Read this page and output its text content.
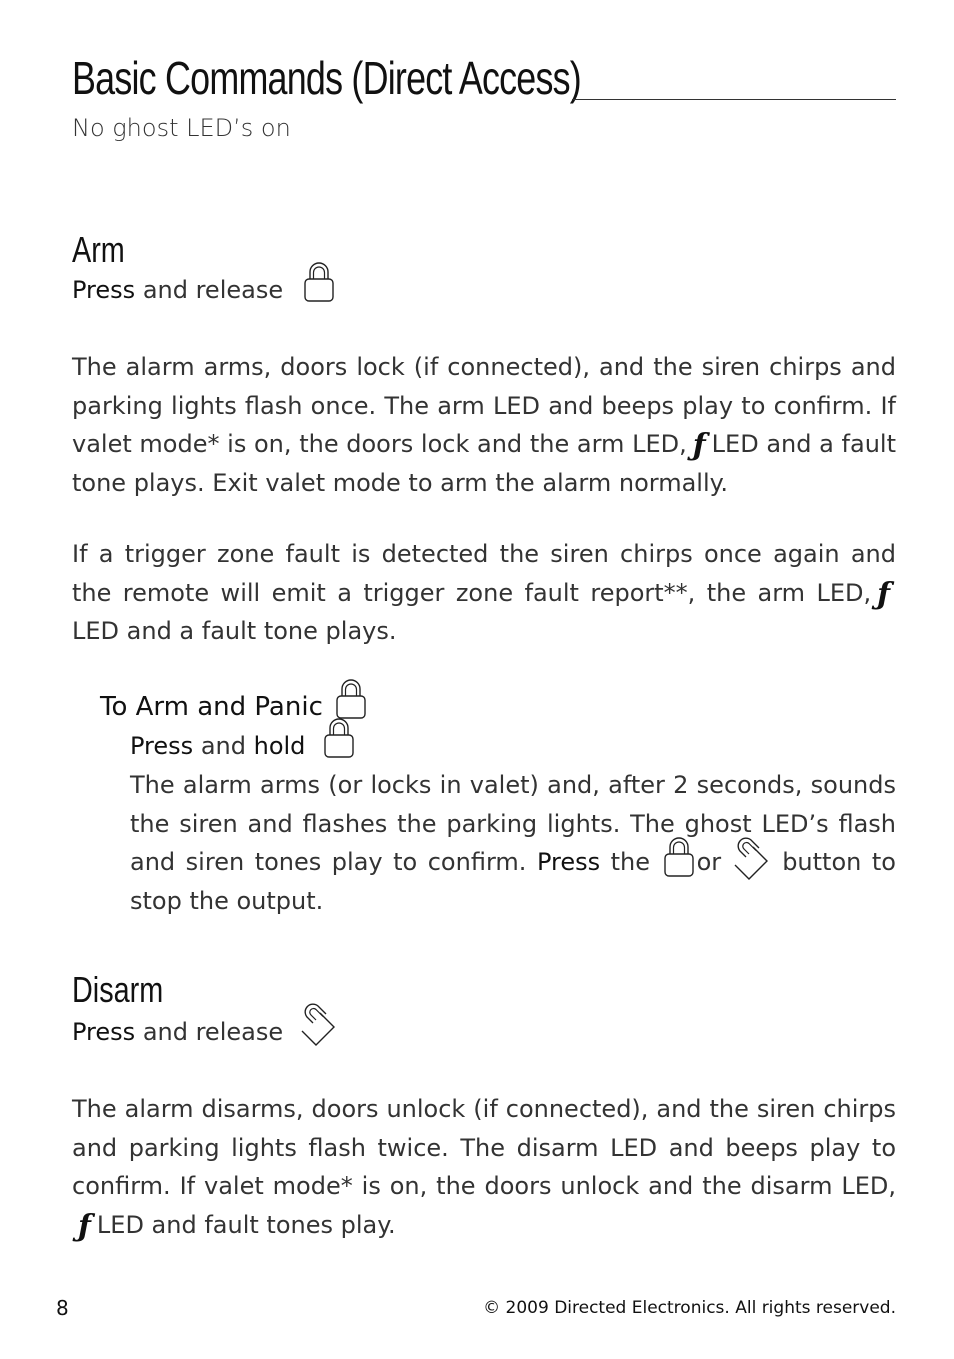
Basic Commands (Direct Access)
No ghost LED’s on
Arm
Press and release

The alarm arms, doors lock (if connected), and the siren chirps and parking lights flash once. The arm LED and beeps play to confirm. If valet mode* is on, the doors lock and the arm LED, ƒ LED and a fault tone plays. Exit valet mode to arm the alarm normally.

If a trigger zone fault is detected the siren chirps once again and the remote will emit a trigger zone fault report**, the arm LED, ƒLED and a fault tone plays.

To Arm and Panic
Press and hold

The alarm arms (or locks in valet) and, after 2 seconds, sounds the siren and flashes the parking lights. The ghost LED’s flash and siren tones play to confirm. Press the or	button to stop the output.

Disarm
Press and release

The alarm disarms, doors unlock (if connected), and the siren chirps and parking lights flash twice. The disarm LED and beeps play to confirm. If valet mode* is on, the doors unlock and the disarm LED, ƒ LED and fault tones play.

8	© 2009 Directed Electronics. All rights reserved.
